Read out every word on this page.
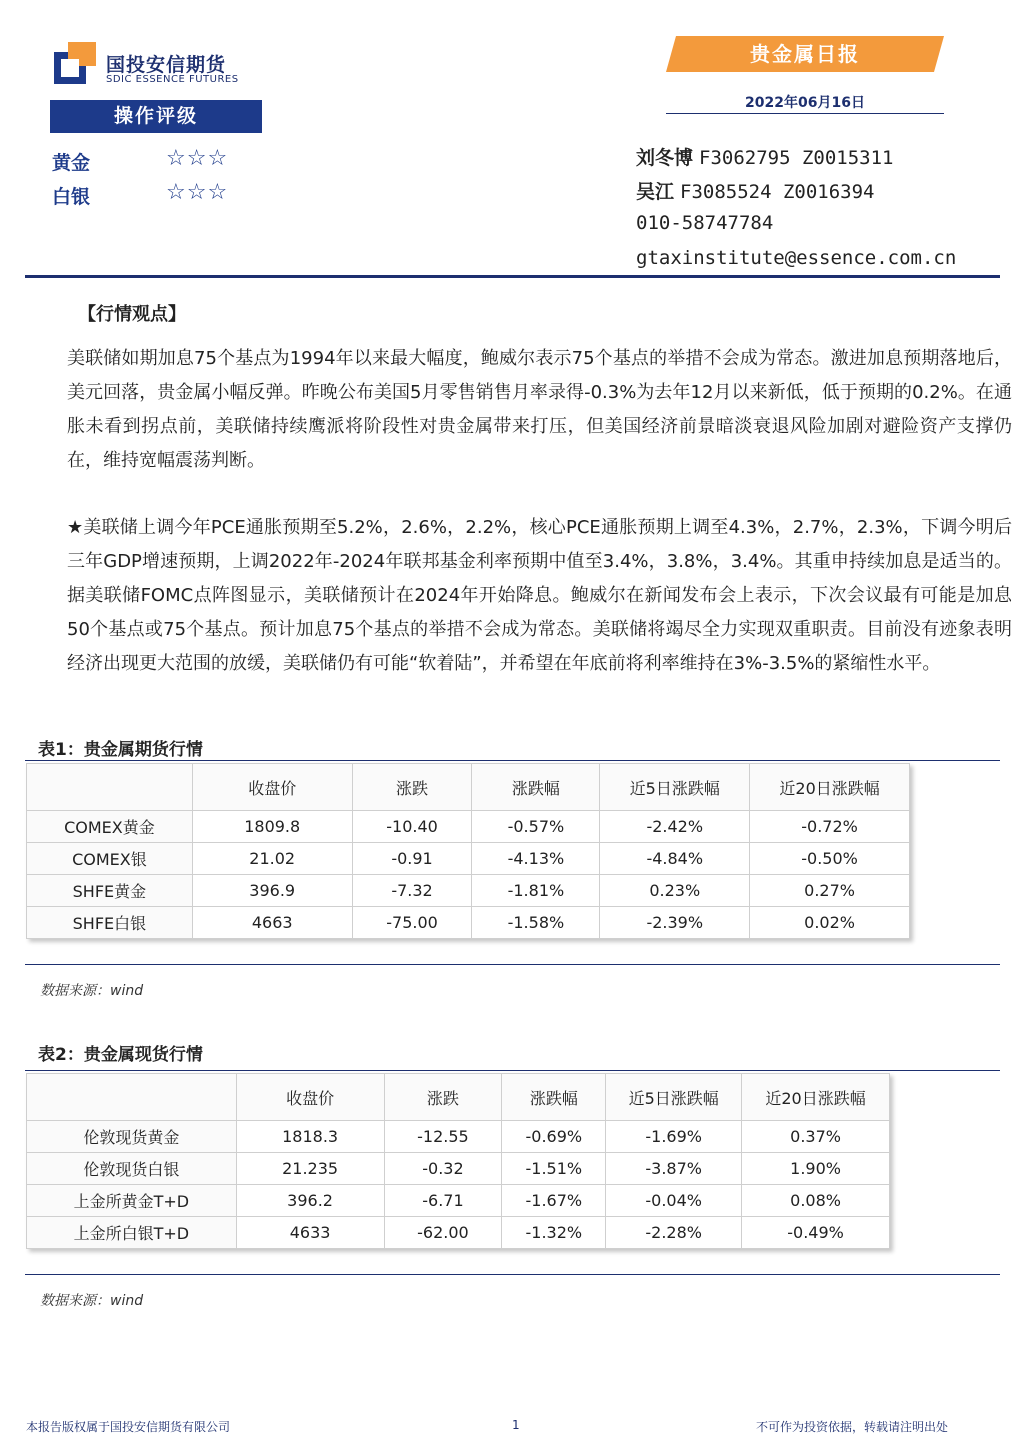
国投安信期货
SDIC ESSENCE FUTURES
贵金属日报
2022年06月16日
操作评级
黄金	☆☆☆
白银	☆☆☆
刘冬博 F3062795 Z0015311
吴江 F3085524 Z0016394
010-58747784
gtaxinstitute@essence.com.cn
【行情观点】
美联储如期加息75个基点为1994年以来最大幅度，鲍威尔表示75个基点的举措不会成为常态。激进加息预期落地后，美元回落，贵金属小幅反弹。昨晚公布美国5月零售销售月率录得-0.3%为去年12月以来新低，低于预期的0.2%。在通胀未看到拐点前，美联储持续鹰派将阶段性对贵金属带来打压，但美国经济前景暗淡衰退风险加剧对避险资产支撑仍在，维持宽幅震荡判断。
★美联储上调今年PCE通胀预期至5.2%，2.6%，2.2%，核心PCE通胀预期上调至4.3%，2.7%，2.3%，下调今明后三年GDP增速预期，上调2022年-2024年联邦基金利率预期中值至3.4%，3.8%，3.4%。其重申持续加息是适当的。据美联储FOMC点阵图显示，美联储预计在2024年开始降息。鲍威尔在新闻发布会上表示，下次会议最有可能是加息50个基点或75个基点。预计加息75个基点的举措不会成为常态。美联储将竭尽全力实现双重职责。目前没有迹象表明经济出现更大范围的放缓，美联储仍有可能“软着陆”，并希望在年底前将利率维持在3%-3.5%的紧缩性水平。
表1：贵金属期货行情
	收盘价	涨跌	涨跌幅	近5日涨跌幅	近20日涨跌幅
COMEX黄金	1809.8	-10.40	-0.57%	-2.42%	-0.72%
COMEX银	21.02	-0.91	-4.13%	-4.84%	-0.50%
SHFE黄金	396.9	-7.32	-1.81%	0.23%	0.27%
SHFE白银	4663	-75.00	-1.58%	-2.39%	0.02%
数据来源：wind
表2：贵金属现货行情
	收盘价	涨跌	涨跌幅	近5日涨跌幅	近20日涨跌幅
伦敦现货黄金	1818.3	-12.55	-0.69%	-1.69%	0.37%
伦敦现货白银	21.235	-0.32	-1.51%	-3.87%	1.90%
上金所黄金T+D	396.2	-6.71	-1.67%	-0.04%	0.08%
上金所白银T+D	4633	-62.00	-1.32%	-2.28%	-0.49%
数据来源：wind
本报告版权属于国投安信期货有限公司	1	不可作为投资依据，转载请注明出处
